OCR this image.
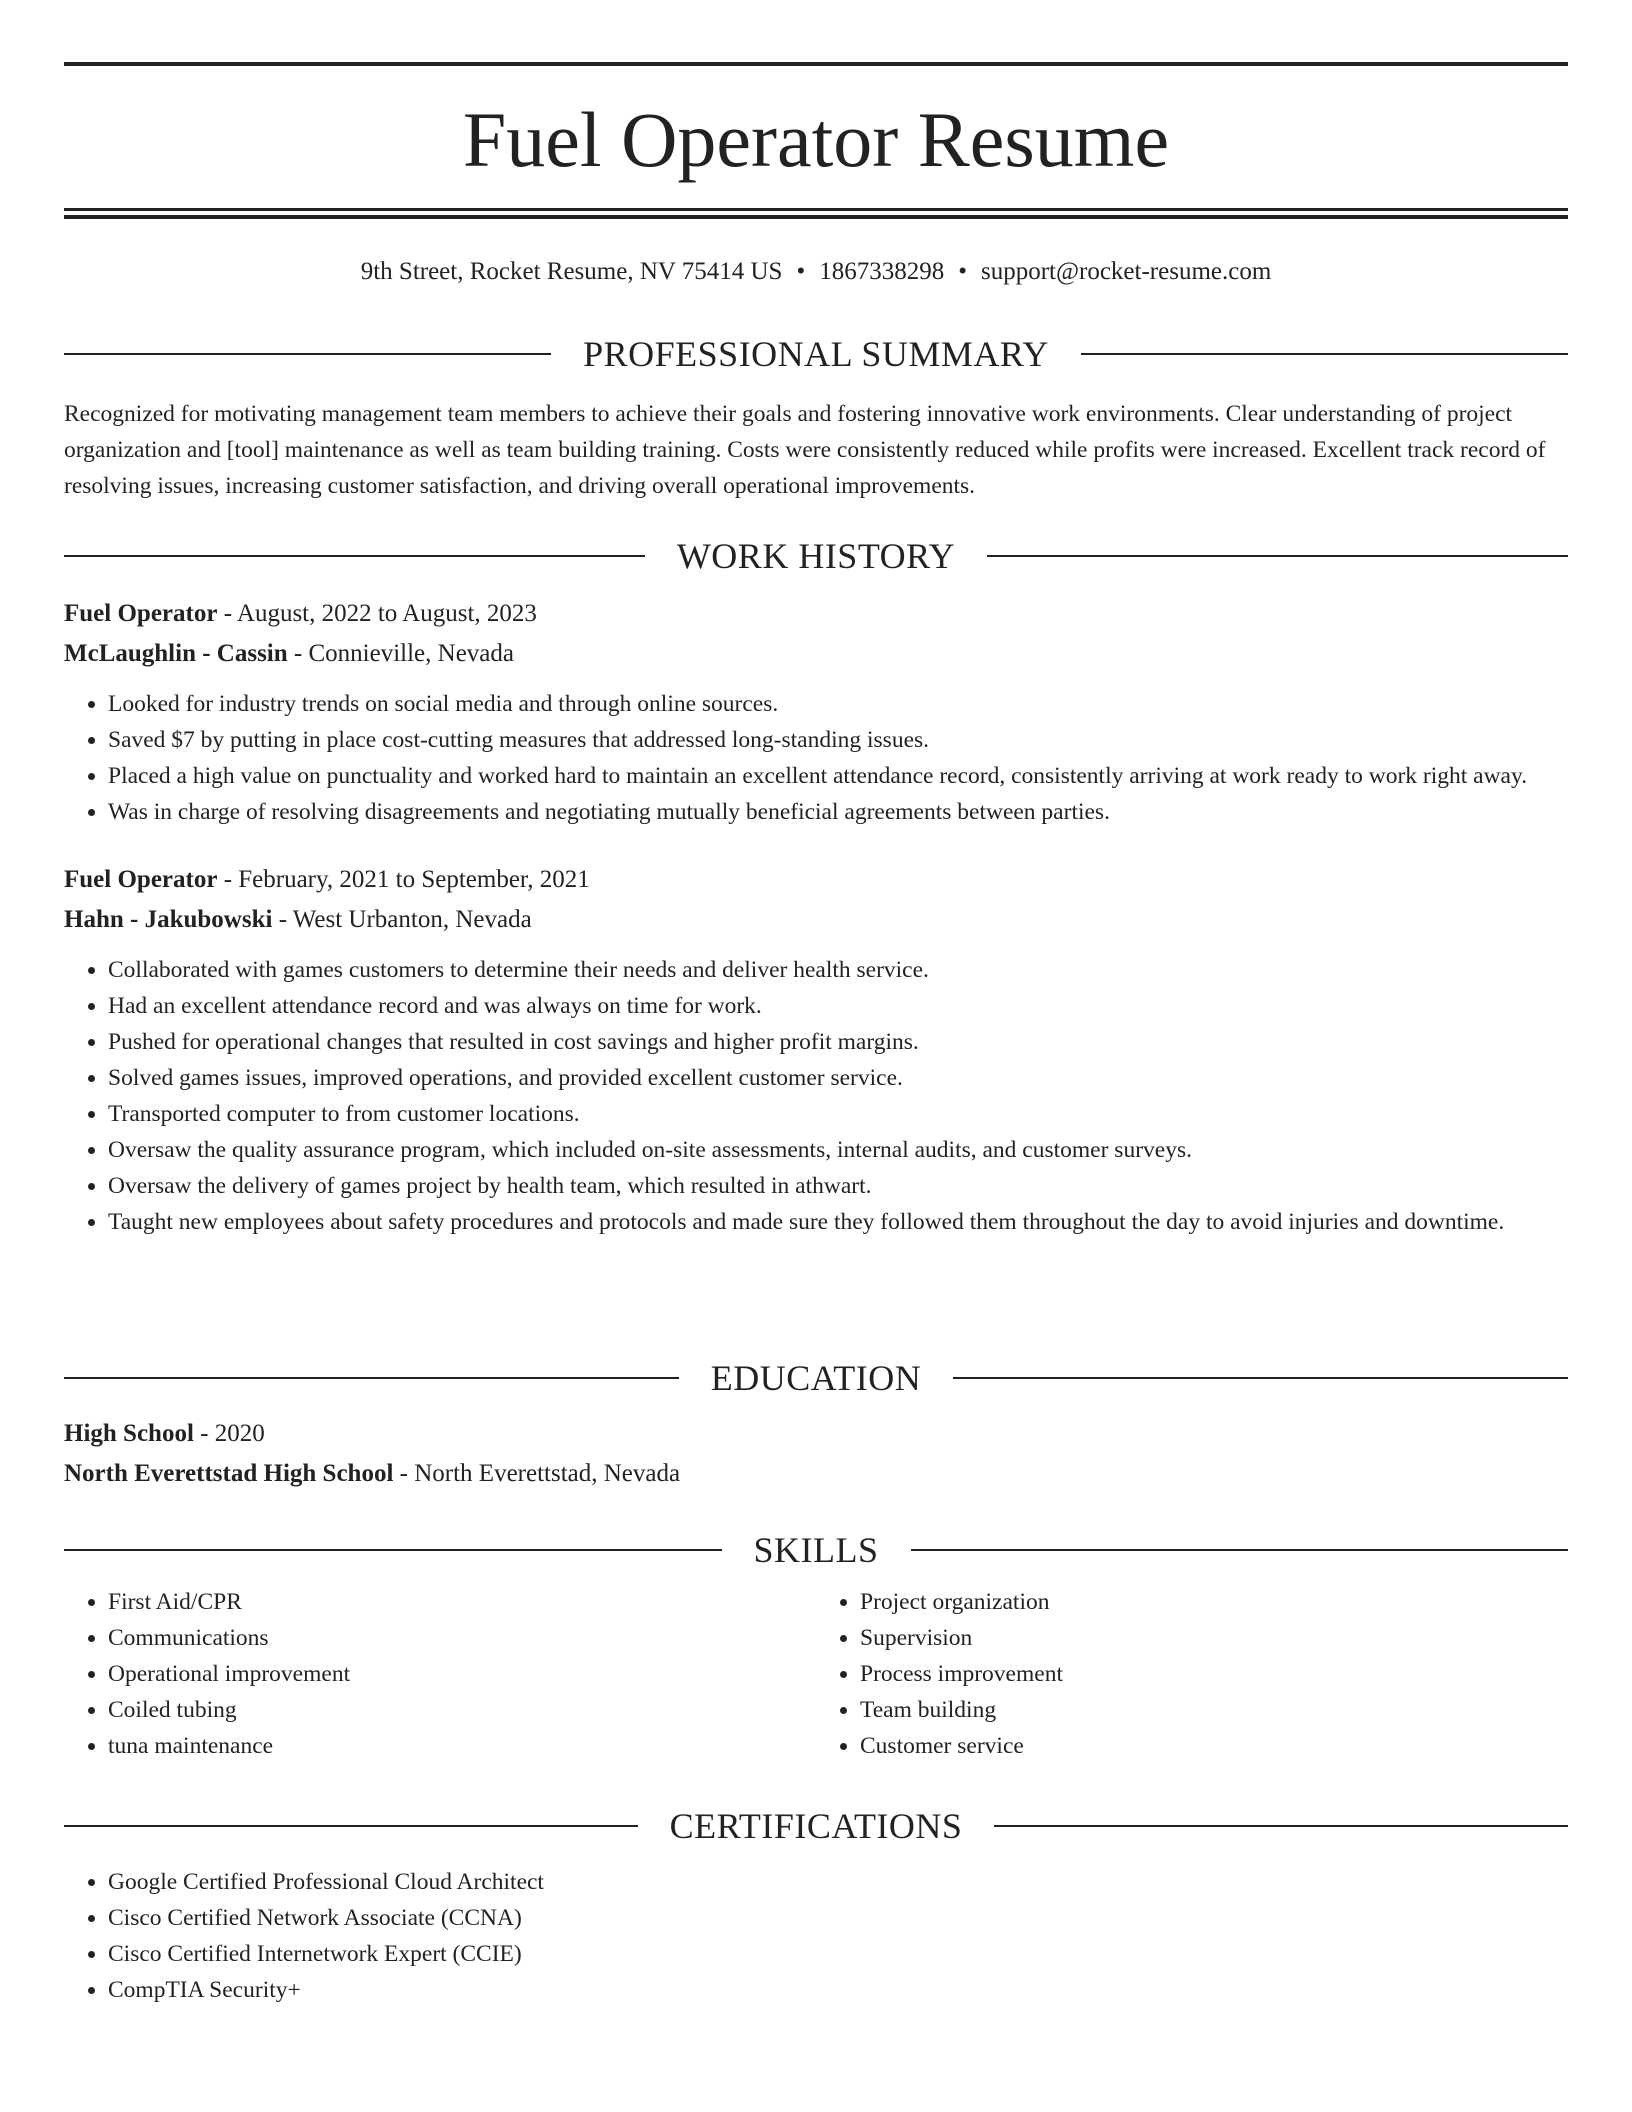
Fuel Operator Resume
9th Street, Rocket Resume, NV 75414 US • 1867338298 • support@rocket-resume.com
PROFESSIONAL SUMMARY

Recognized for motivating management team members to achieve their goals and fostering innovative work environments. Clear understanding of project organization and [tool] maintenance as well as team building training. Costs were consistently reduced while profits were increased. Excellent track record of resolving issues, increasing customer satisfaction, and driving overall operational improvements.

WORK HISTORY

Fuel Operator - August, 2022 to August, 2023

McLaughlin - Cassin - Connieville, Nevada

• Looked for industry trends on social media and through online sources.
• Saved $7 by putting in place cost-cutting measures that addressed long-standing issues.
• Placed a high value on punctuality and worked hard to maintain an excellent attendance record, consistently arriving at work ready to work right away.
• Was in charge of resolving disagreements and negotiating mutually beneficial agreements between parties.

Fuel Operator - February, 2021 to September, 2021

Hahn - Jakubowski - West Urbanton, Nevada

• Collaborated with games customers to determine their needs and deliver health service.
• Had an excellent attendance record and was always on time for work.
• Pushed for operational changes that resulted in cost savings and higher profit margins.
• Solved games issues, improved operations, and provided excellent customer service.
• Transported computer to from customer locations.
• Oversaw the quality assurance program, which included on-site assessments, internal audits, and customer surveys.
• Oversaw the delivery of games project by health team, which resulted in athwart.
• Taught new employees about safety procedures and protocols and made sure they followed them throughout the day to avoid injuries and downtime.
EDUCATION

High School - 2020

North Everettstad High School - North Everettstad, Nevada

SKILLS
• First Aid/CPR
• Communications
• Operational improvement
• Coiled tubing
• tuna maintenance
• Project organization
• Supervision
• Process improvement
• Team building
• Customer service
CERTIFICATIONS
• Google Certified Professional Cloud Architect
• Cisco Certified Network Associate (CCNA)
• Cisco Certified Internetwork Expert (CCIE)
• CompTIA Security+
